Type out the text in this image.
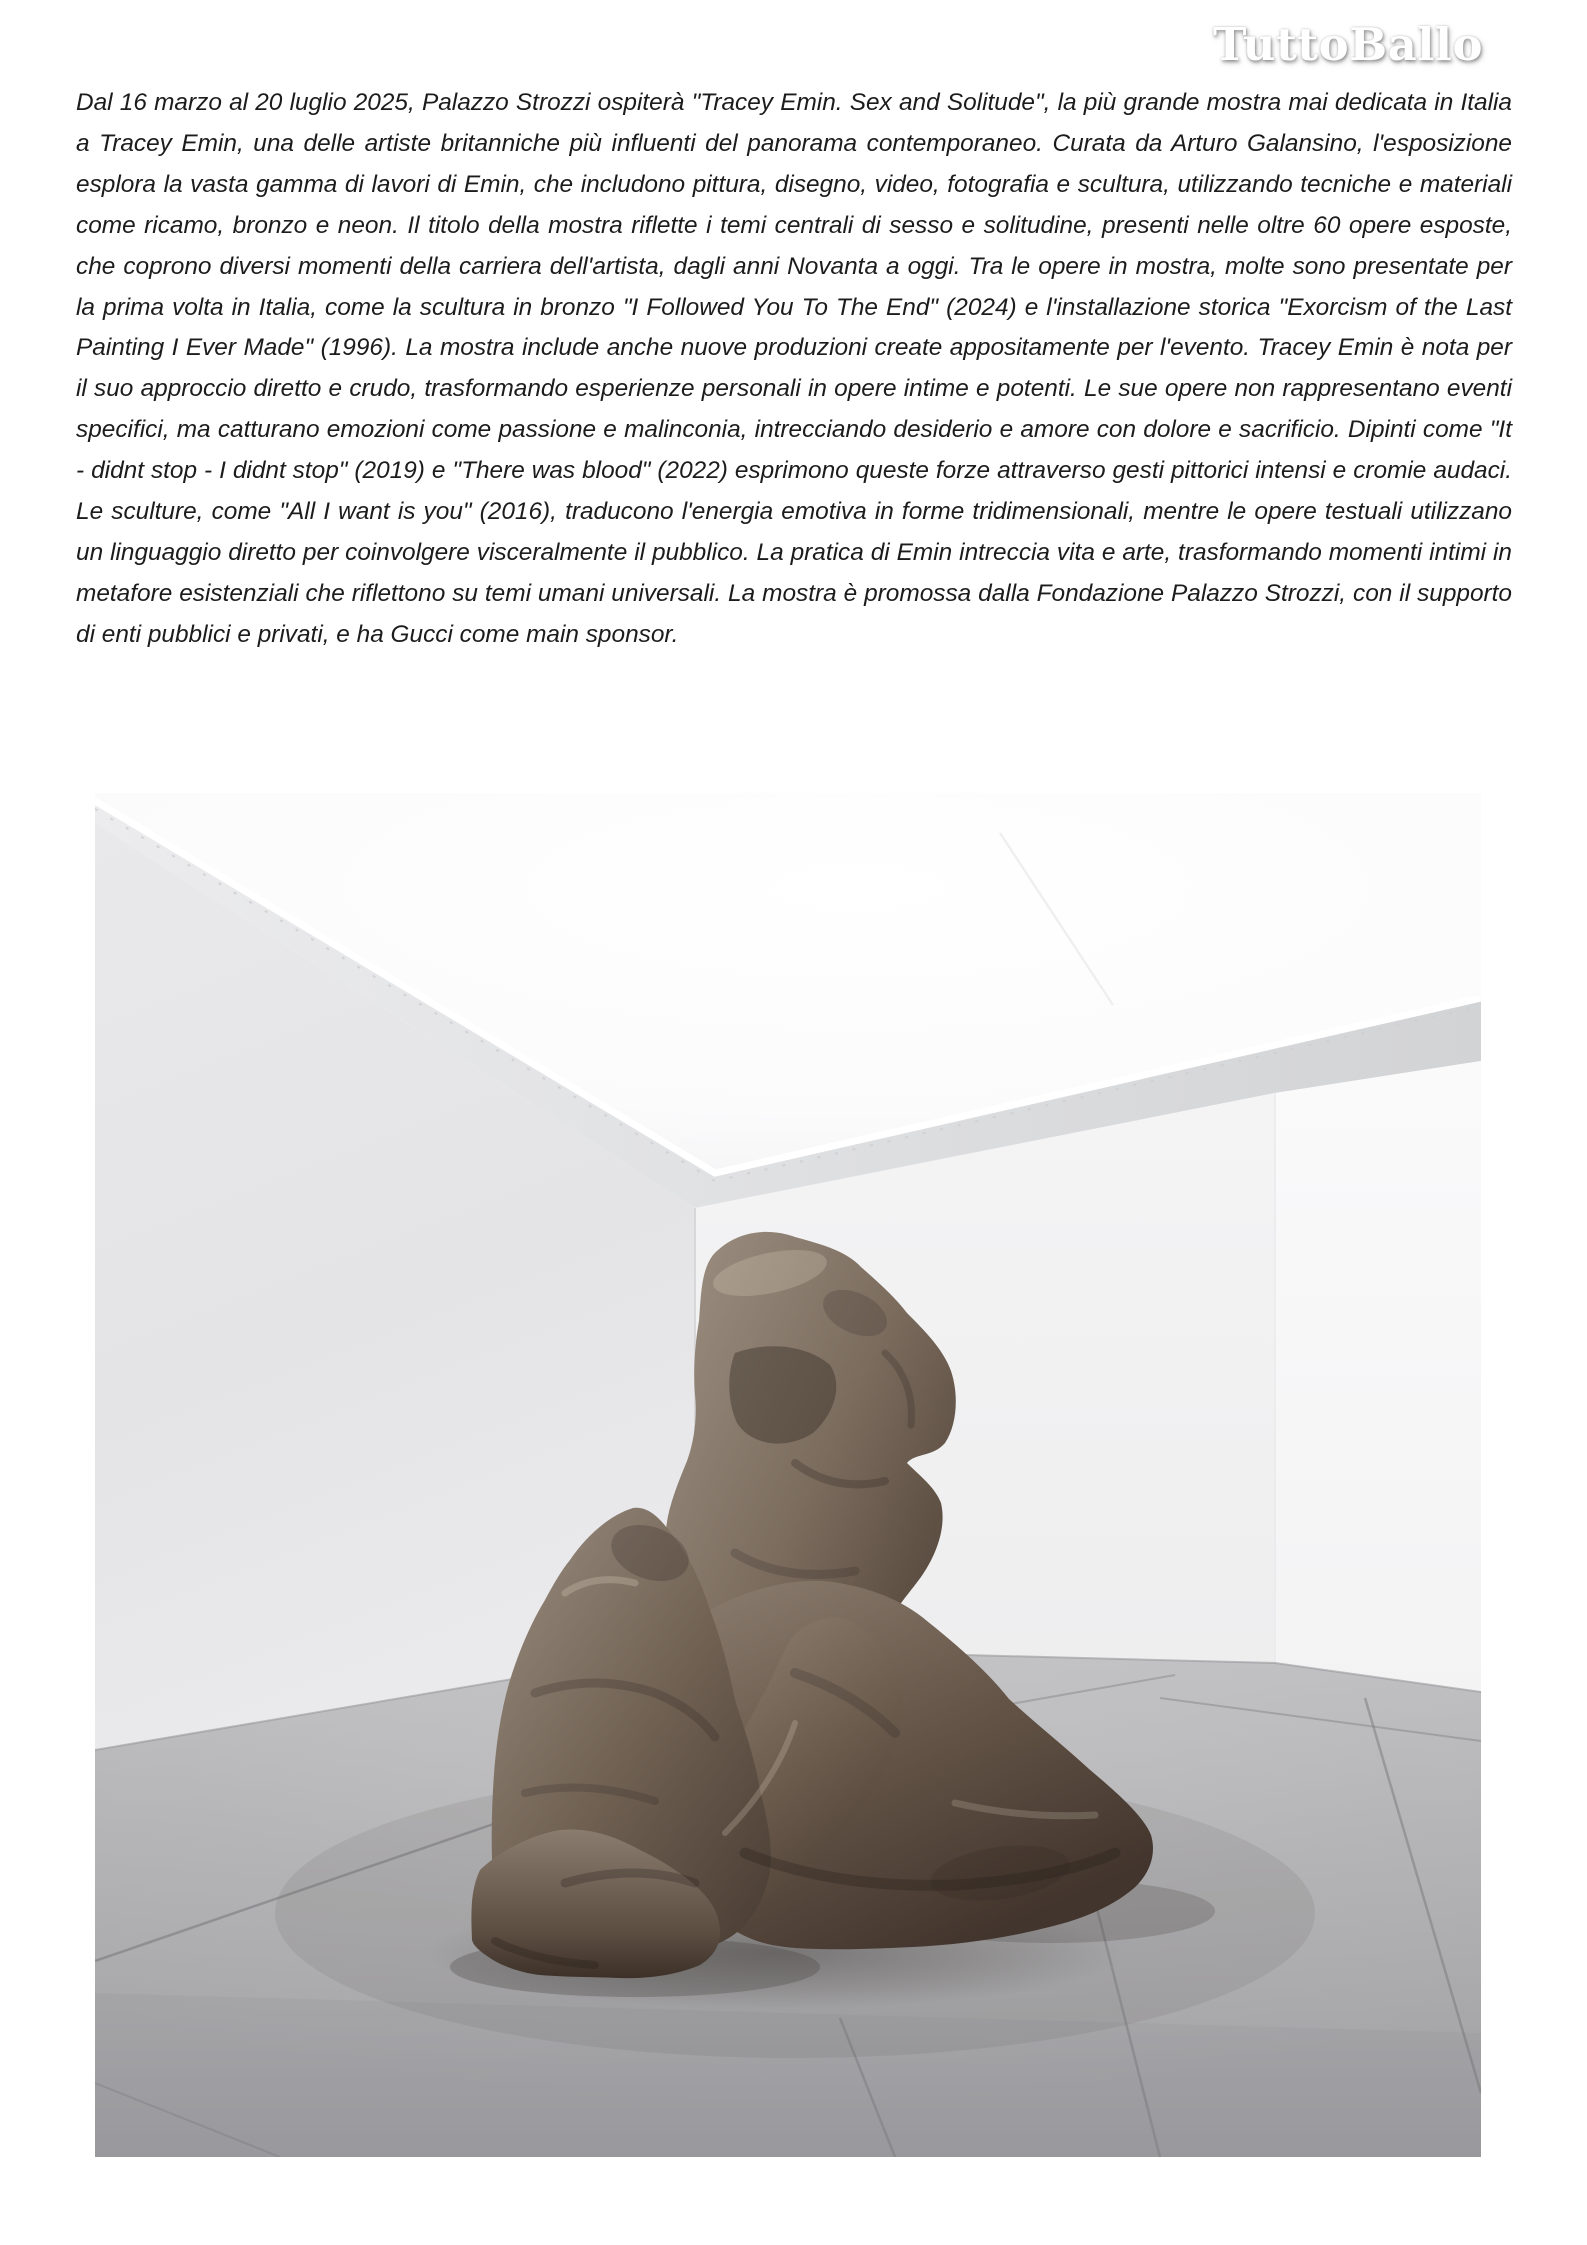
TuttoBallo

Dal 16 marzo al 20 luglio 2025, Palazzo Strozzi ospiterà "Tracey Emin. Sex and Solitude", la più grande mostra mai dedicata in Italia a Tracey Emin, una delle artiste britanniche più influenti del panorama contemporaneo. Curata da Arturo Galansino, l'esposizione esplora la vasta gamma di lavori di Emin, che includono pittura, disegno, video, fotografia e scultura, utilizzando tecniche e materiali come ricamo, bronzo e neon. Il titolo della mostra riflette i temi centrali di sesso e solitudine, presenti nelle oltre 60 opere esposte, che coprono diversi momenti della carriera dell'artista, dagli anni Novanta a oggi. Tra le opere in mostra, molte sono presentate per la prima volta in Italia, come la scultura in bronzo "I Followed You To The End" (2024) e l'installazione storica "Exorcism of the Last Painting I Ever Made" (1996). La mostra include anche nuove produzioni create appositamente per l'evento. Tracey Emin è nota per il suo approccio diretto e crudo, trasformando esperienze personali in opere intime e potenti. Le sue opere non rappresentano eventi specifici, ma catturano emozioni come passione e malinconia, intrecciando desiderio e amore con dolore e sacrificio. Dipinti come "It - didnt stop - I didnt stop" (2019) e "There was blood" (2022) esprimono queste forze attraverso gesti pittorici intensi e cromie audaci. Le sculture, come "All I want is you" (2016), traducono l'energia emotiva in forme tridimensionali, mentre le opere testuali utilizzano un linguaggio diretto per coinvolgere visceralmente il pubblico. La pratica di Emin intreccia vita e arte, trasformando momenti intimi in metafore esistenziali che riflettono su temi umani universali. La mostra è promossa dalla Fondazione Palazzo Strozzi, con il supporto di enti pubblici e privati, e ha Gucci come main sponsor.
